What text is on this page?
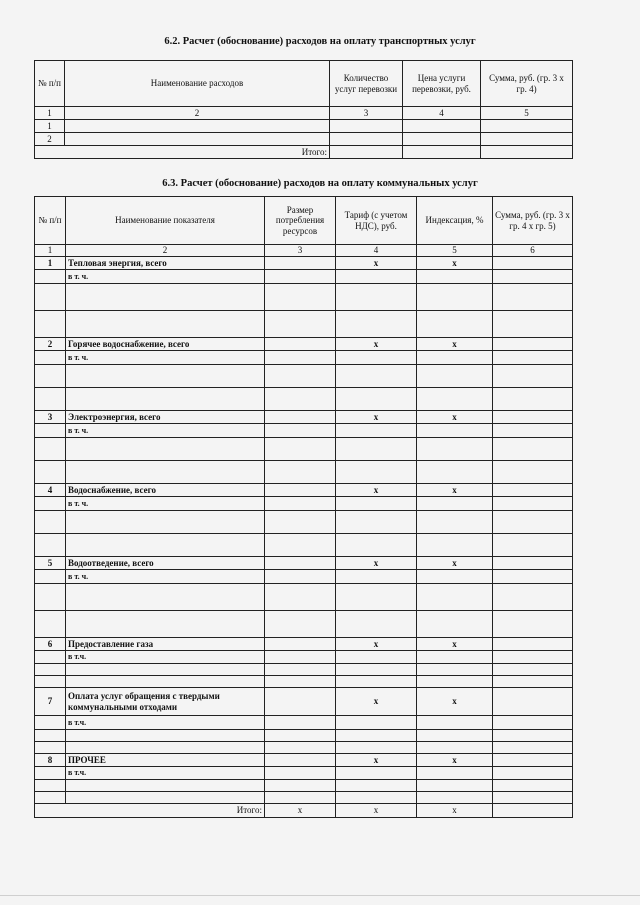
6.2. Расчет (обоснование) расходов на оплату транспортных услуг
№ п/п	Наименование расходов	Количество услуг перевозки	Цена услуги перевозки, руб.	Сумма, руб. (гр. 3 х гр. 4)
1	2	3	4	5
1				
2				
Итого:				
6.3. Расчет (обоснование) расходов на оплату коммунальных услуг
№ п/п	Наименование показателя	Размер потребления ресурсов	Тариф (с учетом НДС), руб.	Индексация, %	Сумма, руб. (гр. 3 х гр. 4 х гр. 5)
1	2	3	4	5	6
1	Тепловая энергия, всего		x	x	
	в т. ч.				

2	Горячее водоснабжение, всего		x	x	
	в т. ч.				

3	Электроэнергия, всего		x	x	
	в т. ч.				

4	Водоснабжение, всего		x	x	
	в т. ч.				

5	Водоотведение, всего		x	x	
	в т. ч.				

6	Предоставление газа		x	x	
	в т.ч.				

7	Оплата услуг обращения с твердыми коммунальными отходами		x	x	
	в т.ч.				

8	ПРОЧЕЕ		x	x	
	в т.ч.				

Итого:		x	x	x	
